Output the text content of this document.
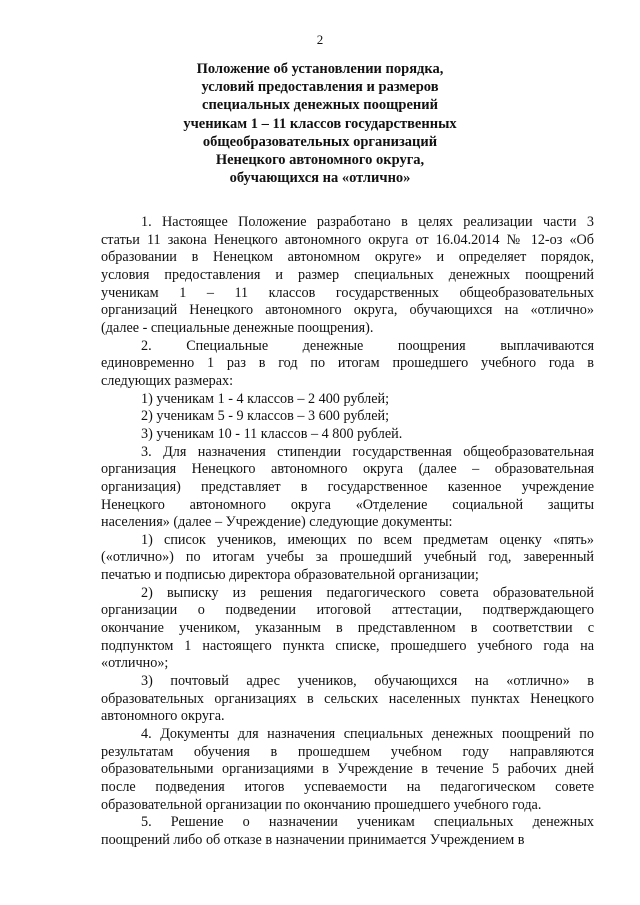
2
Положение об установлении порядка,
условий предоставления и размеров
специальных денежных поощрений
ученикам 1 – 11 классов государственных
общеобразовательных организаций
Ненецкого автономного округа,
обучающихся на «отлично»
1. Настоящее Положение разработано в целях реализации части 3
статьи 11 закона Ненецкого автономного округа от 16.04.2014 № 12-оз «Об
образовании в Ненецком автономном округе» и определяет порядок,
условия предоставления и размер специальных денежных поощрений
ученикам 1 – 11 классов государственных общеобразовательных
организаций Ненецкого автономного округа, обучающихся на «отлично»
(далее - специальные денежные поощрения).
2. Специальные денежные поощрения выплачиваются
единовременно 1 раз в год по итогам прошедшего учебного года в
следующих размерах:
1) ученикам 1 - 4 классов – 2 400 рублей;
2) ученикам 5 - 9 классов – 3 600 рублей;
3) ученикам 10 - 11 классов – 4 800 рублей.
3. Для назначения стипендии государственная общеобразовательная
организация Ненецкого автономного округа (далее – образовательная
организация) представляет в государственное казенное учреждение
Ненецкого автономного округа «Отделение социальной защиты
населения» (далее – Учреждение) следующие документы:
1) список учеников, имеющих по всем предметам оценку «пять»
(«отлично») по итогам учебы за прошедший учебный год, заверенный
печатью и подписью директора образовательной организации;
2) выписку из решения педагогического совета образовательной
организации о подведении итоговой аттестации, подтверждающего
окончание учеником, указанным в представленном в соответствии с
подпунктом 1 настоящего пункта списке, прошедшего учебного года на
«отлично»;
3) почтовый адрес учеников, обучающихся на «отлично» в
образовательных организациях в сельских населенных пунктах Ненецкого
автономного округа.
4. Документы для назначения специальных денежных поощрений по
результатам обучения в прошедшем учебном году направляются
образовательными организациями в Учреждение в течение 5 рабочих дней
после подведения итогов успеваемости на педагогическом совете
образовательной организации по окончанию прошедшего учебного года.
5. Решение о назначении ученикам специальных денежных
поощрений либо об отказе в назначении принимается Учреждением в
